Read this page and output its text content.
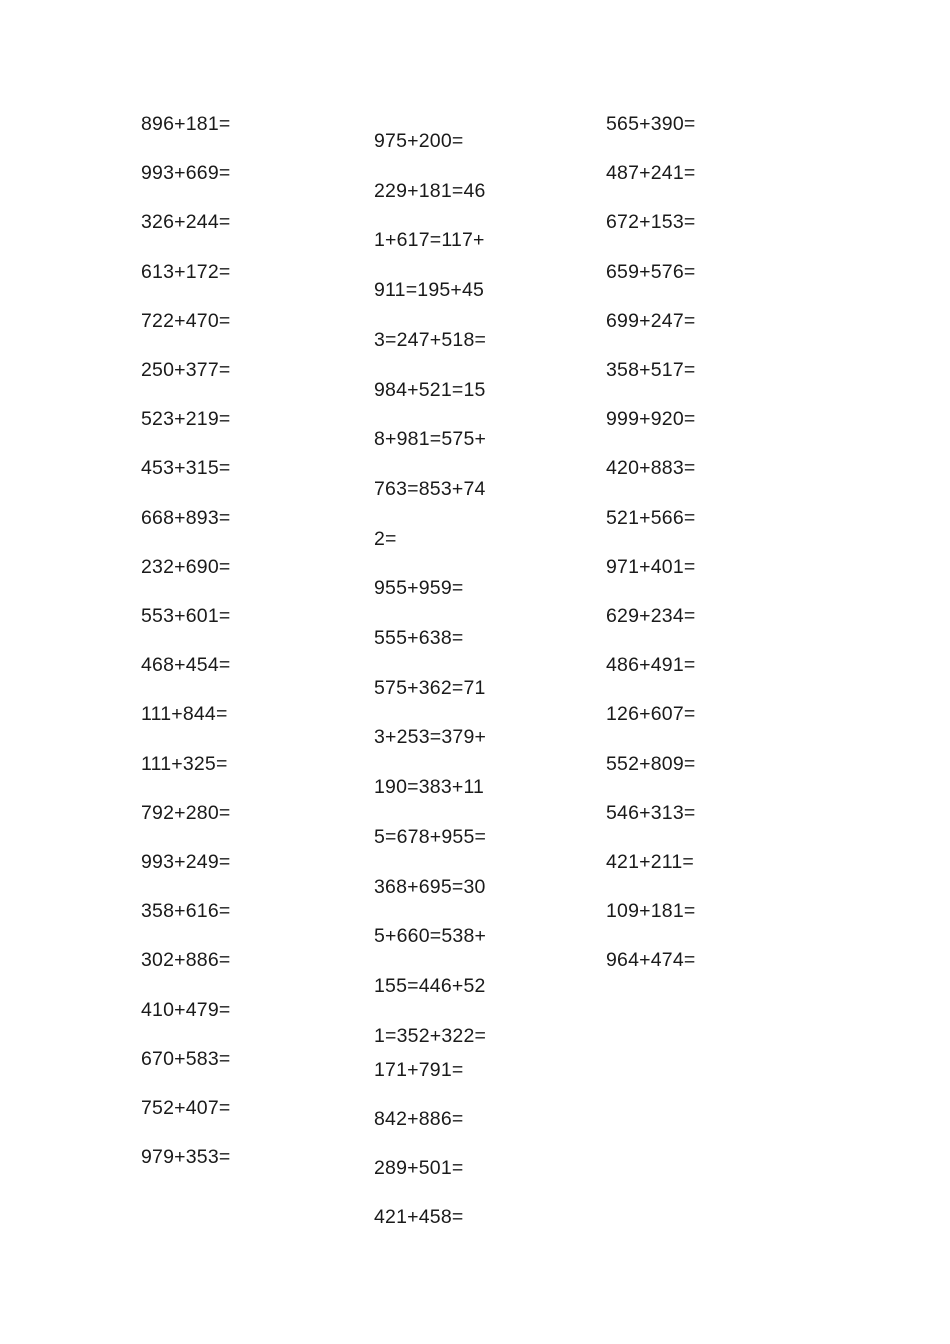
896+181=
993+669=
326+244=
613+172=
722+470=
250+377=
523+219=
453+315=
668+893=
232+690=
553+601=
468+454=
111+844=
111+325=
792+280=
993+249=
358+616=
302+886=
410+479=
670+583=
752+407=
979+353=
975+200=
229+181=46
1+617=117+
911=195+45
3=247+518=
984+521=15
8+981=575+
763=853+74
2=
955+959=
555+638=
575+362=71
3+253=379+
190=383+11
5=678+955=
368+695=30
5+660=538+
155=446+52
1=352+322=
171+791=
842+886=
289+501=
421+458=
565+390=
487+241=
672+153=
659+576=
699+247=
358+517=
999+920=
420+883=
521+566=
971+401=
629+234=
486+491=
126+607=
552+809=
546+313=
421+211=
109+181=
964+474=
